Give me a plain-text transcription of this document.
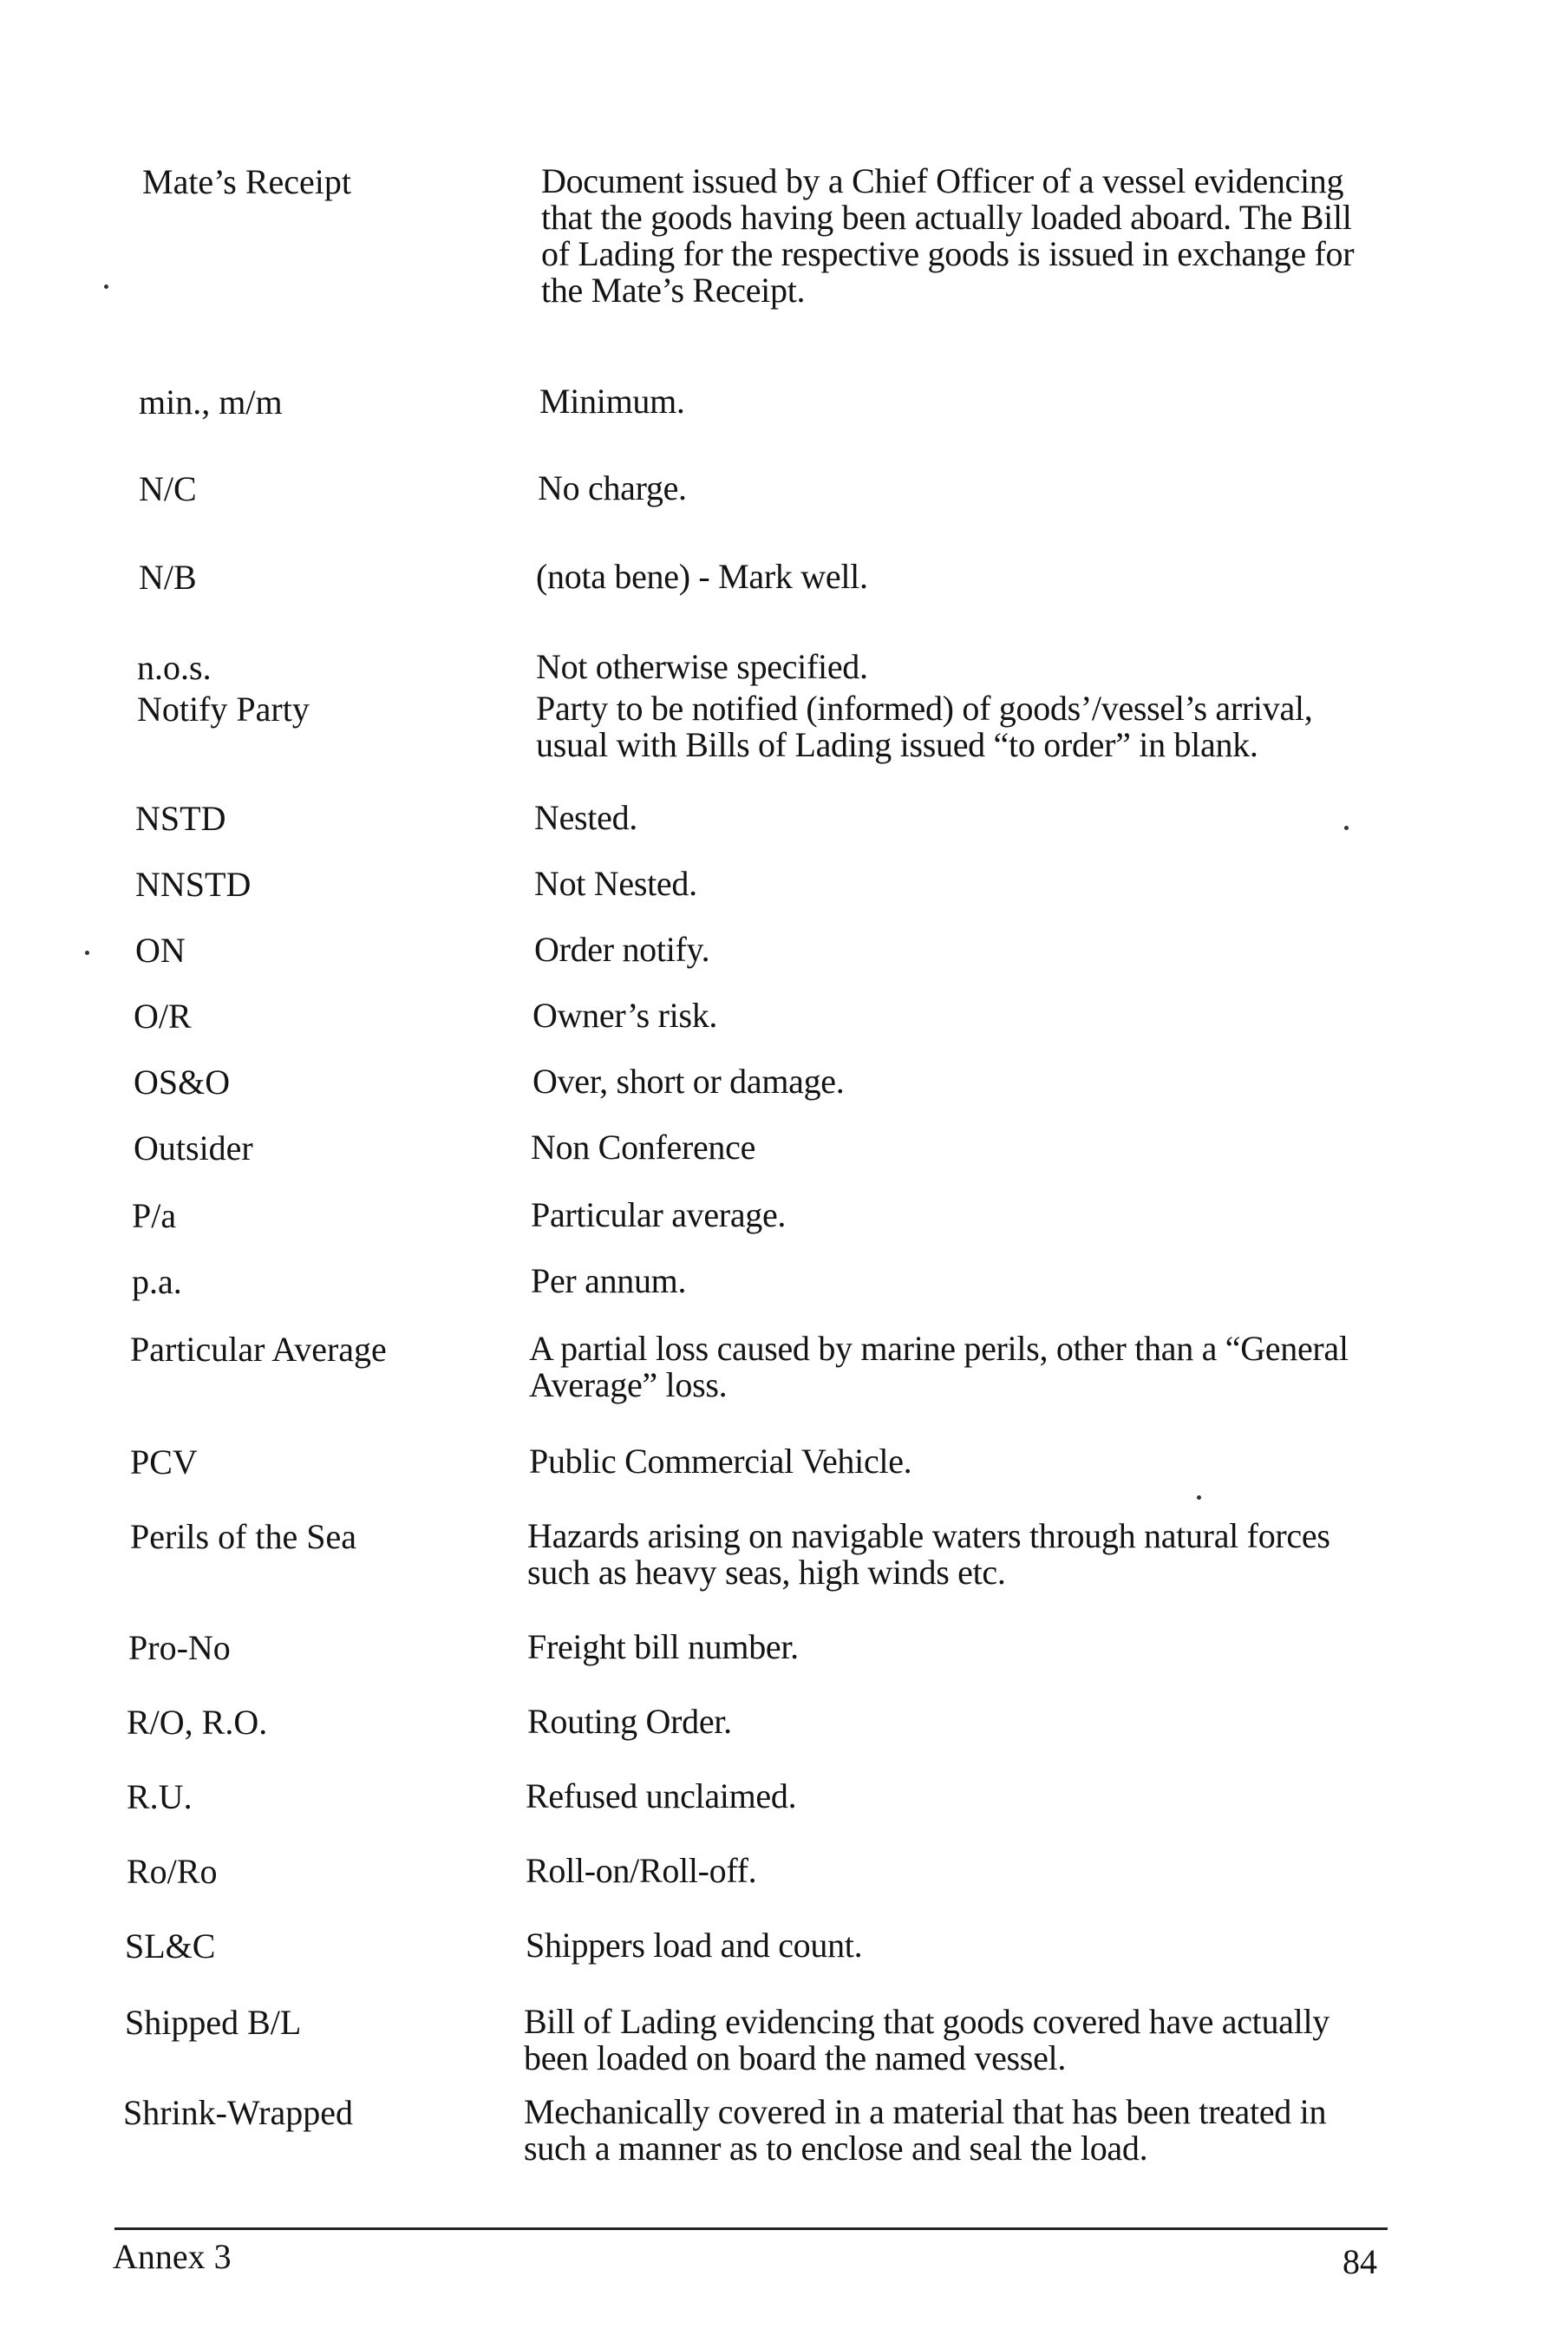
Mate’s Receipt	Document issued by a Chief Officer of a vessel evidencing

that the goods having been actually loaded aboard. The Bill

of Lading for the respective goods is issued in exchange for

the Mate’s Receipt.

min., m/m	Minimum.

N/C	No charge.

N/B	(nota bene) - Mark well.

n.o.s.	Not otherwise specified.

Notify Party	Party to be notified (informed) of goods’/vessel’s arrival,

usual with Bills of Lading issued “to order” in blank.

NSTD	Nested.

NNSTD	Not Nested.

ON	Order notify.

O/R	Owner’s risk.

OS&O	Over, short or damage.

Outsider	Non Conference

P/a	Particular average.

p.a.	Per annum.

Particular Average	A partial loss caused by marine perils, other than a “General

Average” loss.

PCV	Public Commercial Vehicle.

Perils of the Sea	Hazards arising on navigable waters through natural forces

such as heavy seas, high winds etc.

Pro-No	Freight bill number.

R/O, R.O.	Routing Order.

R.U.	Refused unclaimed.

Ro/Ro	Roll-on/Roll-off.

SL&C	Shippers load and count.

Shipped B/L	Bill of Lading evidencing that goods covered have actually

been loaded on board the named vessel.

Shrink-Wrapped	Mechanically covered in a material that has been treated in

such a manner as to enclose and seal the load.

Annex 3	84
